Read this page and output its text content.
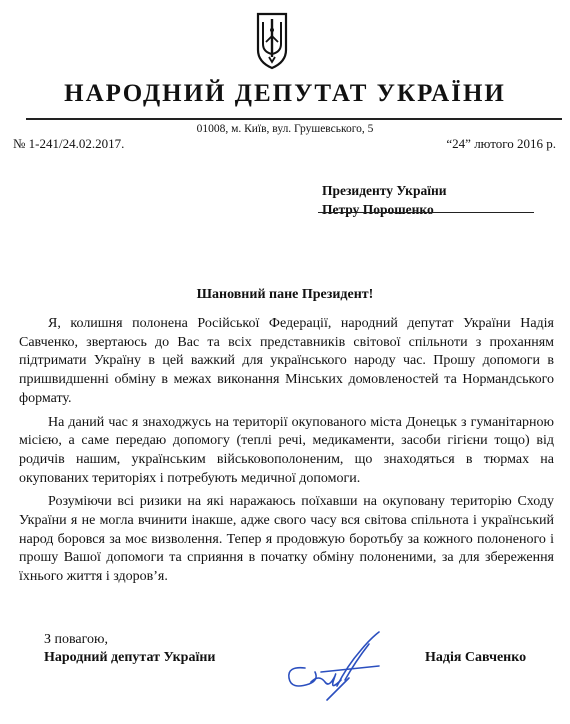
НАРОДНИЙ ДЕПУТАТ УКРАЇНИ
01008, м. Київ, вул. Грушевського, 5
№ 1-241/24.02.2017.	“24” лютого 2016 р.
Президенту України
Петру Порошенко
Шановний пане Президент!

Я, колишня полонена Російської Федерації, народний депутат України Надія Савченко, звертаюсь до Вас та всіх представників світової спільноти з проханням підтримати Україну в цей важкий для українського народу час. Прошу допомоги в пришвидшенні обміну в межах виконання Мінських домовленостей та Нормандського формату.

На даний час я знаходжусь на території окупованого міста Донецьк з гуманітарною місією, а саме передаю допомогу (теплі речі, медикаменти, засоби гігієни тощо) від родичів нашим, українським військовополоненим, що знаходяться в тюрмах на окупованих територіях і потребують медичної допомоги.

Розуміючи всі ризики на які наражаюсь поїхавши на окуповану територію Сходу України я не могла вчинити інакше, адже свого часу вся світова спільнота і український народ боровся за моє визволення. Тепер я продовжую боротьбу за кожного полоненого і прошу Вашої допомоги та сприяння в початку обміну полоненими, за для збереження їхнього життя і здоров’я.

З повагою,
Народний депутат України	Надія Савченко
